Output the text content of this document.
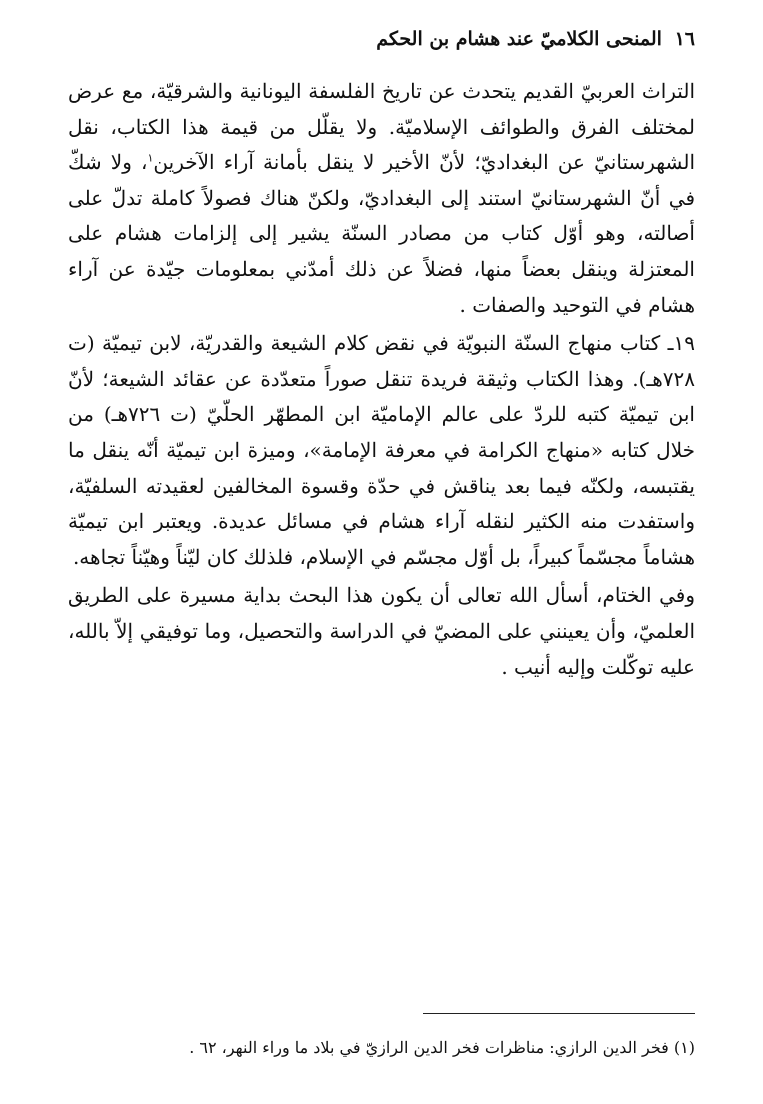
١٦ المنحى الكلاميّ عند هشام بن الحكم

التراث العربيّ القديم يتحدث عن تاريخ الفلسفة اليونانية والشرقيّة، مع عرض لمختلف الفرق والطوائف الإسلاميّة. ولا يقلّل من قيمة هذا الكتاب، نقل الشهرستانيّ عن البغداديّ؛ لأنّ الأخير لا ينقل بأمانة آراء الآخرين$^١$، ولا شكّ في أنّ الشهرستانيّ استند إلى البغداديّ، ولكنّ هناك فصولاً كاملة تدلّ على أصالته، وهو أوّل كتاب من مصادر السنّة يشير إلى إلزامات هشام على المعتزلة وينقل بعضاً منها، فضلاً عن ذلك أمدّني بمعلومات جيّدة عن آراء هشام في التوحيد والصفات .

١٩ـ كتاب منهاج السنّة النبويّة في نقض كلام الشيعة والقدريّة، لابن تيميّة (ت ٧٢٨هـ). وهذا الكتاب وثيقة فريدة تنقل صوراً متعدّدة عن عقائد الشيعة؛ لأنّ ابن تيميّة كتبه للردّ على عالم الإماميّة ابن المطهّر الحلّيّ (ت ٧٢٦هـ) من خلال كتابه «منهاج الكرامة في معرفة الإمامة»، وميزة ابن تيميّة أنّه ينقل ما يقتبسه، ولكنّه فيما بعد يناقش في حدّة وقسوة المخالفين لعقيدته السلفيّة، واستفدت منه الكثير لنقله آراء هشام في مسائل عديدة. ويعتبر ابن تيميّة هشاماً مجسّماً كبيراً، بل أوّل مجسّم في الإسلام، فلذلك كان ليّناً وهيّناً تجاهه.

وفي الختام، أسأل الله تعالى أن يكون هذا البحث بداية مسيرة على الطريق العلميّ، وأن يعينني على المضيّ في الدراسة والتحصيل، وما توفيقي إلاّ بالله، عليه توكّلت وإليه أنيب .

(١) فخر الدين الرازي: مناظرات فخر الدين الرازيّ في بلاد ما وراء النهر، ٦٢ .
